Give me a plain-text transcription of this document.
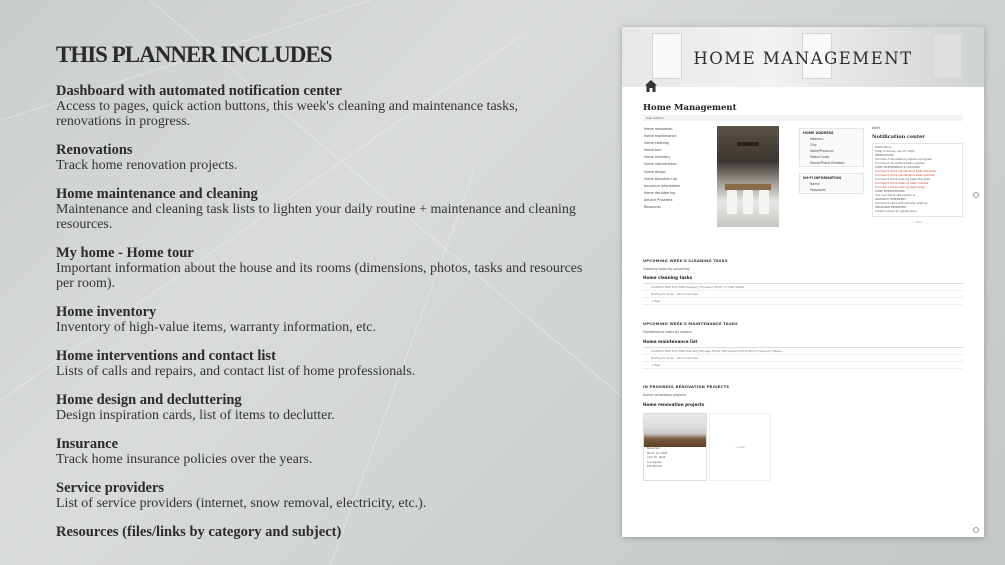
THIS PLANNER INCLUDES
Dashboard with automated notification center
Access to pages, quick action buttons, this week's cleaning and maintenance tasks, renovations in progress.
Renovations
Track home renovation projects.
Home maintenance and cleaning
Maintenance and cleaning task lists to lighten your daily routine + maintenance and cleaning resources.
My home - Home tour
Important information about the house and its rooms (dimensions, photos, tasks and resources per room).
Home inventory
Inventory of high-value items, warranty information, etc.
Home interventions and contact list
Lists of calls and repairs, and contact list of home professionals.
Home design and decluttering
Design inspiration cards, list of items to declutter.
Insurance
Track home insurance policies over the years.
Service providers
List of service providers (internet, snow removal, electricity, etc.).
Resources (files/links by category and subject)
HOME MANAGEMENT
Home Management
Instructions
Home renovation
Home maintenance
Home cleaning
Home tour
Home inventory
Home interventions
Home design
Home Declutter List
Insurance information
Home decluttering
Service Providers
Resources
HOME ADDRESS
Address:
City:
State/Province:
Postal Code:
Home Phone Number:
WI-FI INFORMATION
Name:
Password:
Alert
Notification center
Notifications
Today is Sunday, Apr 07, 2024
RENOVATIONS
You have 2 renovations projects in progress
You have 0 renovations tasks overdue
HOME MAINTENANCE & CLEANING
You have 0 home maintenance tasks this week
You have 0 home maintenance tasks overdue
You have 0 home cleaning tasks this week
You have 0 home cleaning tasks overdue
You have 1 home cleaning tasks today
HOME INTERVENTIONS
Your next home intervention is
WARRANTY REMINDERS
You have 0 items with warranty expiring
INSURANCE REMINDERS
Contact insurer to update policy
+ New
UPCOMING WEEK'S CLEANING TASKS
Cleaning tasks by upcoming
Home cleaning tasks
Aa Name Next Due Date Category Frequency Room or Area Status
Nothing to show · Add a new task
+ New
UPCOMING WEEK'S MAINTENANCE TASKS
Maintenance tasks by season
Home maintenance list
Aa Name Next Due Date Warranty Manage Home interventions Done Room Frequency Season
Nothing to show · Add a new task
+ New
IN PROGRESS RENOVATION PROJECTS
Active renovation projects
Home renovation projects
Basement
March 15, 2024
April 30, 2024
In progress
$10,000.00
+ New
